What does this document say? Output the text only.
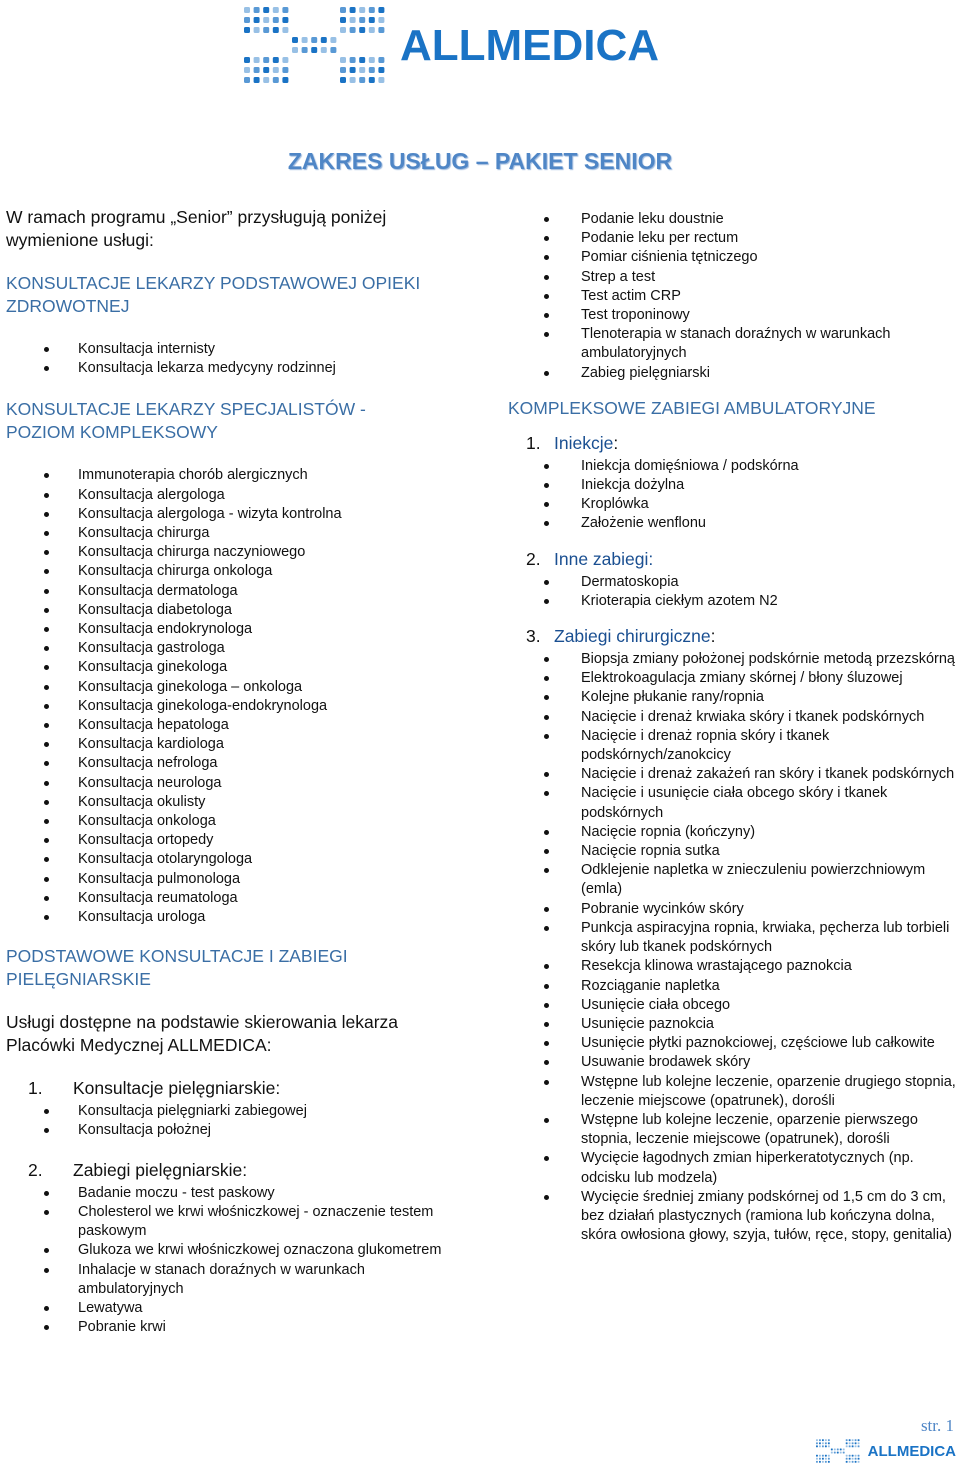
ALLMEDICA
ZAKRES USŁUG – PAKIET SENIOR

W ramach programu „Senior” przysługują poniżej wymienione usługi:

KONSULTACJE LEKARZY PODSTAWOWEJ OPIEKI ZDROWOTNEJ
Konsultacja internisty
Konsultacja lekarza medycyny rodzinnej
KONSULTACJE LEKARZY SPECJALISTÓW - POZIOM KOMPLEKSOWY
Immunoterapia chorób alergicznych
Konsultacja alergologa
Konsultacja alergologa - wizyta kontrolna
Konsultacja chirurga
Konsultacja chirurga naczyniowego
Konsultacja chirurga onkologa
Konsultacja dermatologa
Konsultacja diabetologa
Konsultacja endokrynologa
Konsultacja gastrologa
Konsultacja ginekologa
Konsultacja ginekologa – onkologa
Konsultacja ginekologa-endokrynologa
Konsultacja hepatologa
Konsultacja kardiologa
Konsultacja nefrologa
Konsultacja neurologa
Konsultacja okulisty
Konsultacja onkologa
Konsultacja ortopedy
Konsultacja otolaryngologa
Konsultacja pulmonologa
Konsultacja reumatologa
Konsultacja urologa
PODSTAWOWE KONSULTACJE I ZABIEGI PIELĘGNIARSKIE

Usługi dostępne na podstawie skierowania lekarza Placówki Medycznej ALLMEDICA:

1.	Konsultacje pielęgniarskie:
Konsultacja pielęgniarki zabiegowej
Konsultacja położnej
2.	Zabiegi pielęgniarskie:
Badanie moczu - test paskowy
Cholesterol we krwi włośniczkowej - oznaczenie testem paskowym
Glukoza we krwi włośniczkowej oznaczona glukometrem
Inhalacje w stanach doraźnych w warunkach ambulatoryjnych
Lewatywa
Pobranie krwi
Podanie leku doustnie
Podanie leku per rectum
Pomiar ciśnienia tętniczego
Strep a test
Test actim CRP
Test troponinowy
Tlenoterapia w stanach doraźnych w warunkach ambulatoryjnych
Zabieg pielęgniarski
KOMPLEKSOWE ZABIEGI AMBULATORYJNE
1. Iniekcje:
Iniekcja domięśniowa / podskórna
Iniekcja dożylna
Kroplówka
Założenie wenflonu
2. Inne zabiegi:
Dermatoskopia
Krioterapia ciekłym azotem N2
3. Zabiegi chirurgiczne:
Biopsja zmiany położonej podskórnie metodą przezskórną
Elektrokoagulacja zmiany skórnej / błony śluzowej
Kolejne płukanie rany/ropnia
Nacięcie i drenaż krwiaka skóry i tkanek podskórnych
Nacięcie i drenaż ropnia skóry i tkanek podskórnych/zanokcicy
Nacięcie i drenaż zakażeń ran skóry i tkanek podskórnych
Nacięcie i usunięcie ciała obcego skóry i tkanek podskórnych
Nacięcie ropnia (kończyny)
Nacięcie ropnia sutka
Odklejenie napletka w znieczuleniu powierzchniowym (emla)
Pobranie wycinków skóry
Punkcja aspiracyjna ropnia, krwiaka, pęcherza lub torbieli skóry lub tkanek podskórnych
Resekcja klinowa wrastającego paznokcia
Rozciąganie napletka
Usunięcie ciała obcego
Usunięcie paznokcia
Usunięcie płytki paznokciowej, częściowe lub całkowite
Usuwanie brodawek skóry
Wstępne lub kolejne leczenie, oparzenie drugiego stopnia, leczenie miejscowe (opatrunek), dorośli
Wstępne lub kolejne leczenie, oparzenie pierwszego stopnia, leczenie miejscowe (opatrunek), dorośli
Wycięcie łagodnych zmian hiperkeratotycznych (np. odcisku lub modzela)
Wycięcie średniej zmiany podskórnej od 1,5 cm do 3 cm, bez działań plastycznych (ramiona lub kończyna dolna, skóra owłosiona głowy, szyja, tułów, ręce, stopy, genitalia)
str. 1
ALLMEDICA
